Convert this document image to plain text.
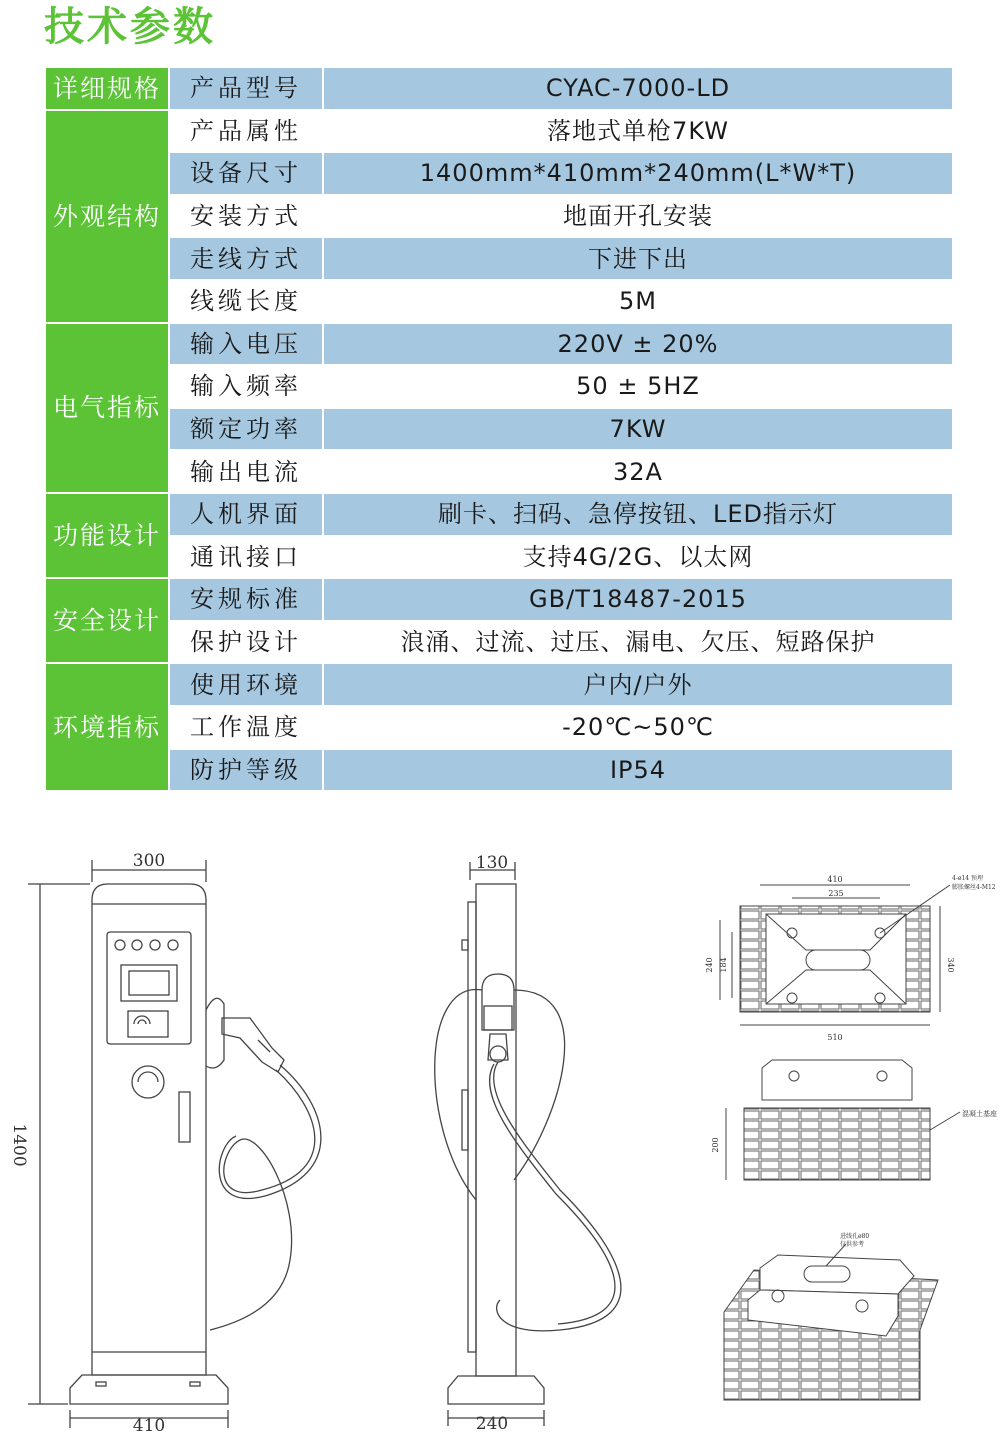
技术参数
详细规格	产品型号	CYAC-7000-LD
外观结构	产品属性	落地式单枪7KW
	设备尺寸	1400mm*410mm*240mm(L*W*T)
	安装方式	地面开孔安装
	走线方式	下进下出
	线缆长度	5M
电气指标	输入电压	220V ± 20%
	输入频率	50 ± 5HZ
	额定功率	7KW
	输出电流	32A
功能设计	人机界面	刷卡、扫码、急停按钮、LED指示灯
	通讯接口	支持4G/2G、以太网
安全设计	安规标准	GB/T18487-2015
	保护设计	浪涌、过流、过压、漏电、欠压、短路保护
环境指标	使用环境	户内/户外
	工作温度	-20℃~50℃
	防护等级	IP54
300
410
1400
130
240
410
235
510
240 184	340
4-ø14 预埋
膨胀螺丝4-M12
200
混凝土基座
进线孔ø80
仅供参考
